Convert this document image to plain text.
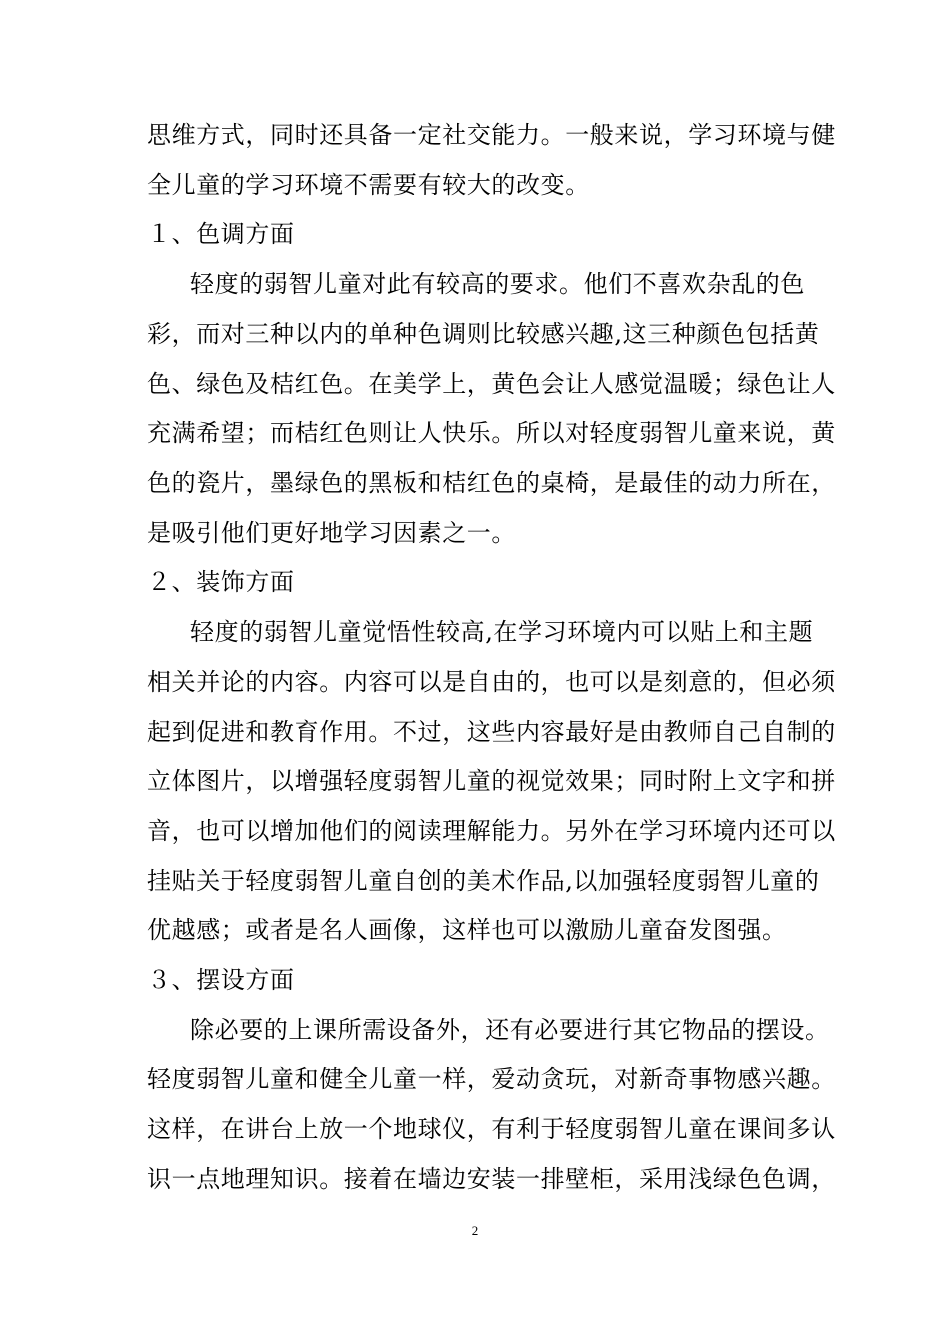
思维方式，同时还具备一定社交能力。一般来说，学习环境与健
全儿童的学习环境不需要有较大的改变。
１、色调方面
轻度的弱智儿童对此有较高的要求。他们不喜欢杂乱的色
彩，而对三种以内的单种色调则比较感兴趣,这三种颜色包括黄
色、绿色及桔红色。在美学上，黄色会让人感觉温暖；绿色让人
充满希望；而桔红色则让人快乐。所以对轻度弱智儿童来说，黄
色的瓷片，墨绿色的黑板和桔红色的桌椅，是最佳的动力所在，
是吸引他们更好地学习因素之一。
２、装饰方面
轻度的弱智儿童觉悟性较高,在学习环境内可以贴上和主题
相关并论的内容。内容可以是自由的，也可以是刻意的，但必须
起到促进和教育作用。不过，这些内容最好是由教师自己自制的
立体图片，以增强轻度弱智儿童的视觉效果；同时附上文字和拼
音，也可以增加他们的阅读理解能力。另外在学习环境内还可以
挂贴关于轻度弱智儿童自创的美术作品,以加强轻度弱智儿童的
优越感；或者是名人画像，这样也可以激励儿童奋发图强。
３、摆设方面
除必要的上课所需设备外，还有必要进行其它物品的摆设。
轻度弱智儿童和健全儿童一样，爱动贪玩，对新奇事物感兴趣。
这样，在讲台上放一个地球仪，有利于轻度弱智儿童在课间多认
识一点地理知识。接着在墙边安装一排壁柜，采用浅绿色色调，
2
